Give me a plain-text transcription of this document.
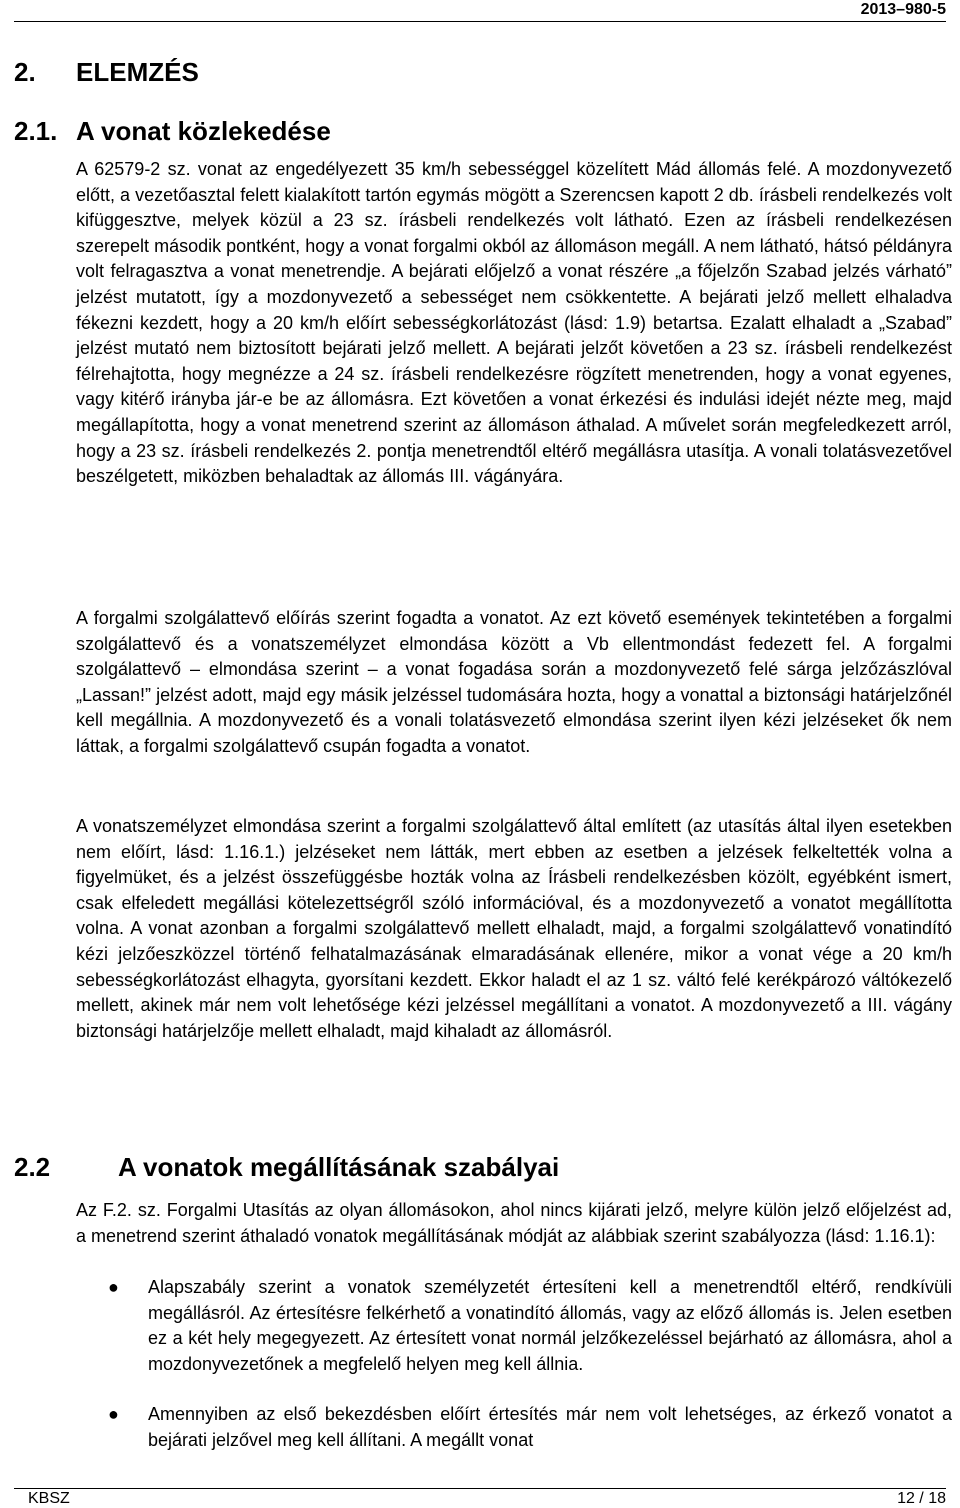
2013–980-5
2. ELEMZÉS
2.1. A vonat közlekedése

A 62579-2 sz. vonat az engedélyezett 35 km/h sebességgel közelített Mád állomás felé. A mozdonyvezető előtt, a vezetőasztal felett kialakított tartón egymás mögött a Szerencsen kapott 2 db. írásbeli rendelkezés volt kifüggesztve, melyek közül a 23 sz. írásbeli rendelkezés volt látható. Ezen az írásbeli rendelkezésen szerepelt második pontként, hogy a vonat forgalmi okból az állomáson megáll. A nem látható, hátsó példányra volt felragasztva a vonat menetrendje. A bejárati előjelző a vonat részére „a főjelzőn Szabad jelzés várható” jelzést mutatott, így a mozdonyvezető a sebességet nem csökkentette. A bejárati jelző mellett elhaladva fékezni kezdett, hogy a 20 km/h előírt sebességkorlátozást (lásd: 1.9) betartsa. Ezalatt elhaladt a „Szabad” jelzést mutató nem biztosított bejárati jelző mellett. A bejárati jelzőt követően a 23 sz. írásbeli rendelkezést félrehajtotta, hogy megnézze a 24 sz. írásbeli rendelkezésre rögzített menetrenden, hogy a vonat egyenes, vagy kitérő irányba jár-e be az állomásra. Ezt követően a vonat érkezési és indulási idejét nézte meg, majd megállapította, hogy a vonat menetrend szerint az állomáson áthalad. A művelet során megfeledkezett arról, hogy a 23 sz. írásbeli rendelkezés 2. pontja menetrendtől eltérő megállásra utasítja. A vonali tolatásvezetővel beszélgetett, miközben behaladtak az állomás III. vágányára.

A forgalmi szolgálattevő előírás szerint fogadta a vonatot. Az ezt követő események tekintetében a forgalmi szolgálattevő és a vonatszemélyzet elmondása között a Vb ellentmondást fedezett fel. A forgalmi szolgálattevő – elmondása szerint – a vonat fogadása során a mozdonyvezető felé sárga jelzőzászlóval „Lassan!” jelzést adott, majd egy másik jelzéssel tudomására hozta, hogy a vonattal a biztonsági határjelzőnél kell megállnia. A mozdonyvezető és a vonali tolatásvezető elmondása szerint ilyen kézi jelzéseket ők nem láttak, a forgalmi szolgálattevő csupán fogadta a vonatot.

A vonatszemélyzet elmondása szerint a forgalmi szolgálattevő által említett (az utasítás által ilyen esetekben nem előírt, lásd: 1.16.1.) jelzéseket nem látták, mert ebben az esetben a jelzések felkeltették volna a figyelmüket, és a jelzést összefüggésbe hozták volna az Írásbeli rendelkezésben közölt, egyébként ismert, csak elfeledett megállási kötelezettségről szóló információval, és a mozdonyvezető a vonatot megállította volna. A vonat azonban a forgalmi szolgálattevő mellett elhaladt, majd, a forgalmi szolgálattevő vonatindító kézi jelzőeszközzel történő felhatalmazásának elmaradásának ellenére, mikor a vonat vége a 20 km/h sebességkorlátozást elhagyta, gyorsítani kezdett. Ekkor haladt el az 1 sz. váltó felé kerékpározó váltókezelő mellett, akinek már nem volt lehetősége kézi jelzéssel megállítani a vonatot. A mozdonyvezető a III. vágány biztonsági határjelzője mellett elhaladt, majd kihaladt az állomásról.

2.2	A vonatok megállításának szabályai

Az F.2. sz. Forgalmi Utasítás az olyan állomásokon, ahol nincs kijárati jelző, melyre külön jelző előjelzést ad, a menetrend szerint áthaladó vonatok megállításának módját az alábbiak szerint szabályozza (lásd: 1.16.1):

● Alapszabály szerint a vonatok személyzetét értesíteni kell a menetrendtől eltérő, rendkívüli megállásról. Az értesítésre felkérhető a vonatindító állomás, vagy az előző állomás is. Jelen esetben ez a két hely megegyezett. Az értesített vonat normál jelzőkezeléssel bejárható az állomásra, ahol a mozdonyvezetőnek a megfelelő helyen meg kell állnia.
● Amennyiben az első bekezdésben előírt értesítés már nem volt lehetséges, az érkező vonatot a bejárati jelzővel meg kell állítani. A megállt vonat
KBSZ	12 / 18
